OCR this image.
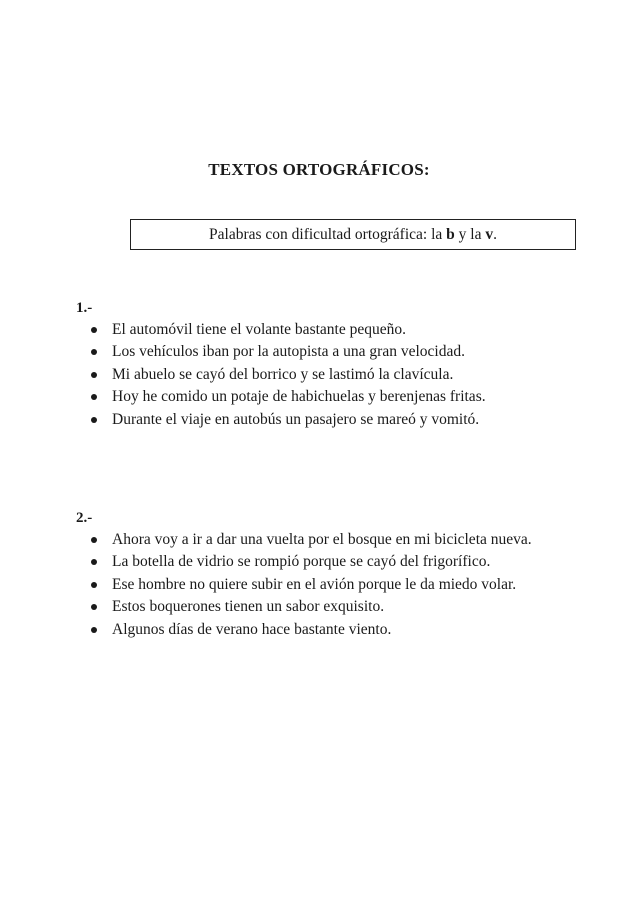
TEXTOS ORTOGRÁFICOS:
Palabras con dificultad ortográfica: la b y la v.
1.-
El automóvil tiene el volante bastante pequeño.
Los vehículos iban por la autopista a una gran velocidad.
Mi abuelo se cayó del borrico y se lastimó la clavícula.
Hoy he comido un potaje de habichuelas y berenjenas fritas.
Durante el viaje en autobús un pasajero se mareó y vomitó.
2.-
Ahora voy a ir a dar una vuelta por el bosque en mi bicicleta nueva.
La botella de vidrio se rompió porque se cayó del frigorífico.
Ese hombre no quiere subir en el avión porque le da miedo volar.
Estos boquerones tienen un sabor exquisito.
Algunos días de verano hace bastante viento.
